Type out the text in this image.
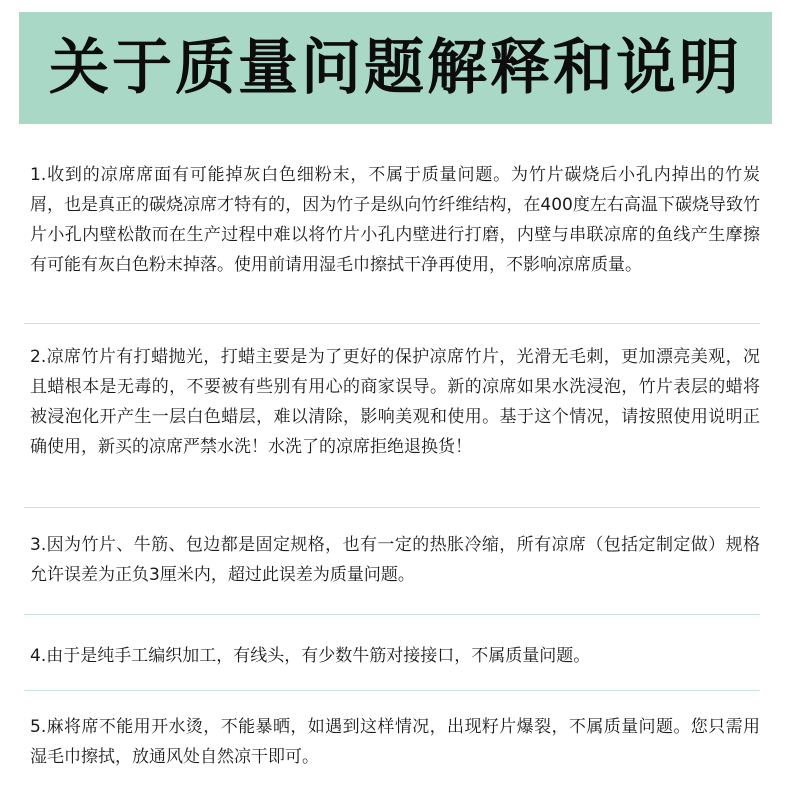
关于质量问题解释和说明

1.收到的凉席席面有可能掉灰白色细粉末，不属于质量问题。为竹片碳烧后小孔内掉出的竹炭屑，也是真正的碳烧凉席才特有的，因为竹子是纵向竹纤维结构，在400度左右高温下碳烧导致竹片小孔内壁松散而在生产过程中难以将竹片小孔内壁进行打磨，内壁与串联凉席的鱼线产生摩擦有可能有灰白色粉末掉落。使用前请用湿毛巾擦拭干净再使用，不影响凉席质量。

2.凉席竹片有打蜡抛光，打蜡主要是为了更好的保护凉席竹片，光滑无毛刺，更加漂亮美观，况且蜡根本是无毒的，不要被有些别有用心的商家误导。新的凉席如果水洗浸泡，竹片表层的蜡将被浸泡化开产生一层白色蜡层，难以清除，影响美观和使用。基于这个情况，请按照使用说明正确使用，新买的凉席严禁水洗！水洗了的凉席拒绝退换货！

3.因为竹片、牛筋、包边都是固定规格，也有一定的热胀冷缩，所有凉席（包括定制定做）规格允许误差为正负3厘米内，超过此误差为质量问题。

4.由于是纯手工编织加工，有线头，有少数牛筋对接接口，不属质量问题。

5.麻将席不能用开水烫，不能暴晒，如遇到这样情况，出现籽片爆裂，不属质量问题。您只需用湿毛巾擦拭，放通风处自然凉干即可。
